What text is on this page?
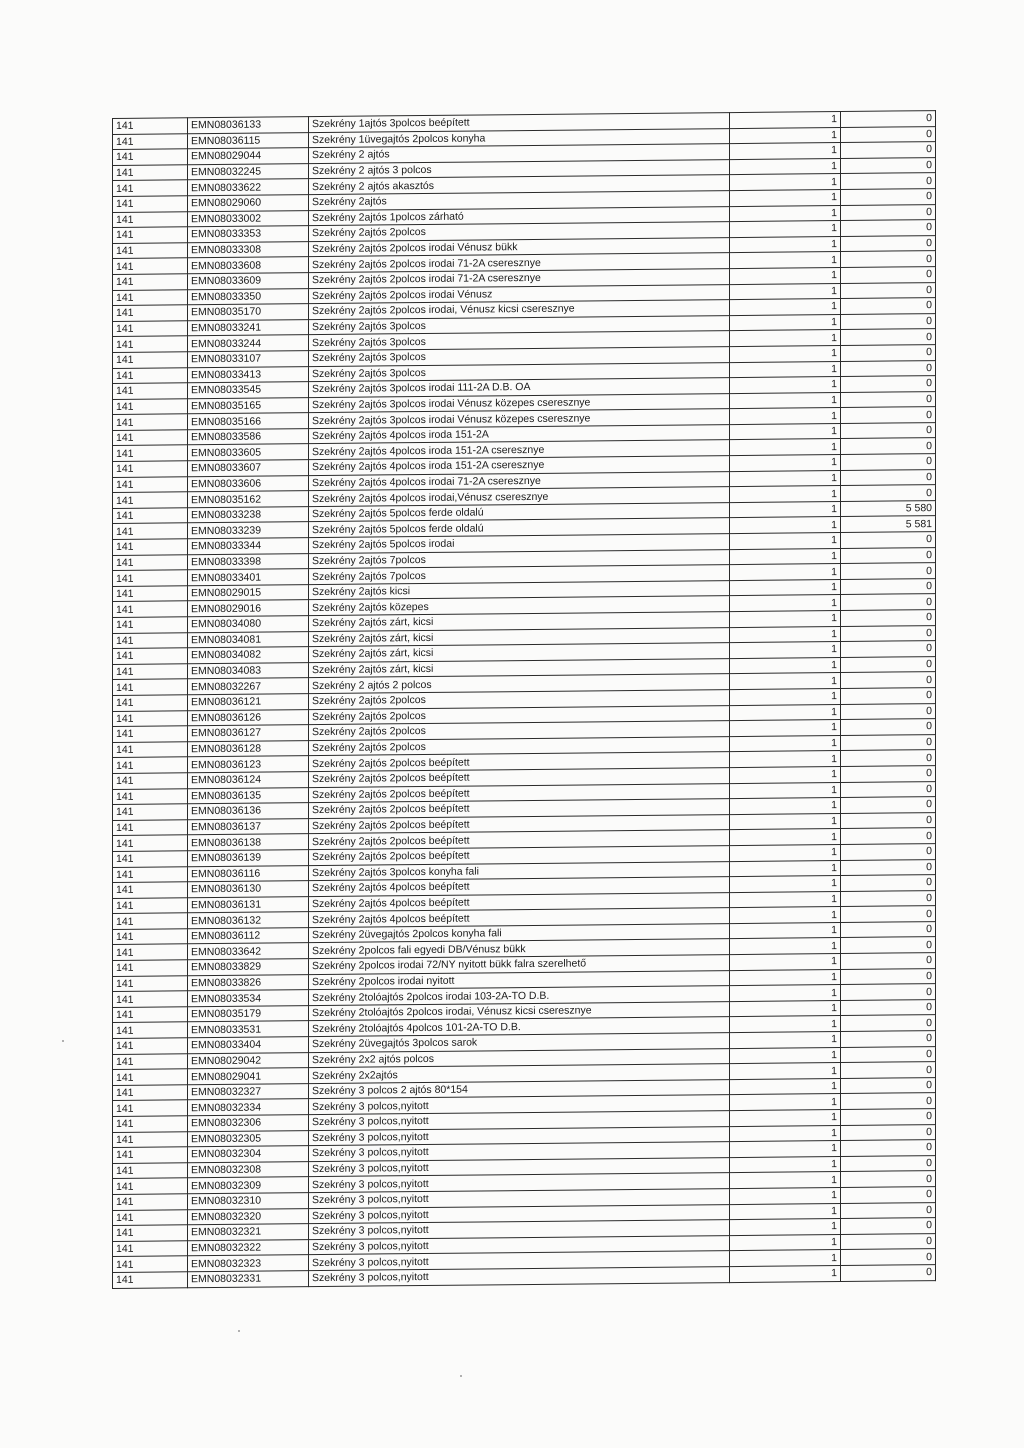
141	EMN08036133	Szekrény 1ajtós 3polcos beépített	1	0
141	EMN08036115	Szekrény 1üvegajtós 2polcos konyha	1	0
141	EMN08029044	Szekrény 2 ajtós	1	0
141	EMN08032245	Szekrény 2 ajtós 3 polcos	1	0
141	EMN08033622	Szekrény 2 ajtós akasztós	1	0
141	EMN08029060	Szekrény 2ajtós	1	0
141	EMN08033002	Szekrény 2ajtós 1polcos zárható	1	0
141	EMN08033353	Szekrény 2ajtós 2polcos	1	0
141	EMN08033308	Szekrény 2ajtós 2polcos irodai Vénusz bükk	1	0
141	EMN08033608	Szekrény 2ajtós 2polcos irodai 71-2A cseresznye	1	0
141	EMN08033609	Szekrény 2ajtós 2polcos irodai 71-2A cseresznye	1	0
141	EMN08033350	Szekrény 2ajtós 2polcos irodai Vénusz	1	0
141	EMN08035170	Szekrény 2ajtós 2polcos irodai, Vénusz kicsi cseresznye	1	0
141	EMN08033241	Szekrény 2ajtós 3polcos	1	0
141	EMN08033244	Szekrény 2ajtós 3polcos	1	0
141	EMN08033107	Szekrény 2ajtós 3polcos	1	0
141	EMN08033413	Szekrény 2ajtós 3polcos	1	0
141	EMN08033545	Szekrény 2ajtós 3polcos irodai 111-2A D.B. OA	1	0
141	EMN08035165	Szekrény 2ajtós 3polcos irodai Vénusz közepes cseresznye	1	0
141	EMN08035166	Szekrény 2ajtós 3polcos irodai Vénusz közepes cseresznye	1	0
141	EMN08033586	Szekrény 2ajtós 4polcos iroda 151-2A	1	0
141	EMN08033605	Szekrény 2ajtós 4polcos iroda 151-2A cseresznye	1	0
141	EMN08033607	Szekrény 2ajtós 4polcos iroda 151-2A cseresznye	1	0
141	EMN08033606	Szekrény 2ajtós 4polcos irodai 71-2A cseresznye	1	0
141	EMN08035162	Szekrény 2ajtós 4polcos irodai,Vénusz cseresznye	1	0
141	EMN08033238	Szekrény 2ajtós 5polcos ferde oldalú	1	5 580
141	EMN08033239	Szekrény 2ajtós 5polcos ferde oldalú	1	5 581
141	EMN08033344	Szekrény 2ajtós 5polcos irodai	1	0
141	EMN08033398	Szekrény 2ajtós 7polcos	1	0
141	EMN08033401	Szekrény 2ajtós 7polcos	1	0
141	EMN08029015	Szekrény 2ajtós kicsi	1	0
141	EMN08029016	Szekrény 2ajtós közepes	1	0
141	EMN08034080	Szekrény 2ajtós zárt, kicsi	1	0
141	EMN08034081	Szekrény 2ajtós zárt, kicsi	1	0
141	EMN08034082	Szekrény 2ajtós zárt, kicsi	1	0
141	EMN08034083	Szekrény 2ajtós zárt, kicsi	1	0
141	EMN08032267	Szekrény 2 ajtós 2 polcos	1	0
141	EMN08036121	Szekrény 2ajtós 2polcos	1	0
141	EMN08036126	Szekrény 2ajtós 2polcos	1	0
141	EMN08036127	Szekrény 2ajtós 2polcos	1	0
141	EMN08036128	Szekrény 2ajtós 2polcos	1	0
141	EMN08036123	Szekrény 2ajtós 2polcos beépített	1	0
141	EMN08036124	Szekrény 2ajtós 2polcos beépített	1	0
141	EMN08036135	Szekrény 2ajtós 2polcos beépített	1	0
141	EMN08036136	Szekrény 2ajtós 2polcos beépített	1	0
141	EMN08036137	Szekrény 2ajtós 2polcos beépített	1	0
141	EMN08036138	Szekrény 2ajtós 2polcos beépített	1	0
141	EMN08036139	Szekrény 2ajtós 2polcos beépített	1	0
141	EMN08036116	Szekrény 2ajtós 3polcos konyha fali	1	0
141	EMN08036130	Szekrény 2ajtós 4polcos beépített	1	0
141	EMN08036131	Szekrény 2ajtós 4polcos beépített	1	0
141	EMN08036132	Szekrény 2ajtós 4polcos beépített	1	0
141	EMN08036112	Szekrény 2üvegajtós 2polcos konyha fali	1	0
141	EMN08033642	Szekrény 2polcos fali egyedi DB/Vénusz bükk	1	0
141	EMN08033829	Szekrény 2polcos irodai 72/NY nyitott bükk falra szerelhető	1	0
141	EMN08033826	Szekrény 2polcos irodai nyitott	1	0
141	EMN08033534	Szekrény 2tolóajtós 2polcos irodai 103-2A-TO D.B.	1	0
141	EMN08035179	Szekrény 2tolóajtós 2polcos irodai, Vénusz kicsi cseresznye	1	0
141	EMN08033531	Szekrény 2tolóajtós 4polcos 101-2A-TO D.B.	1	0
141	EMN08033404	Szekrény 2üvegajtós 3polcos sarok	1	0
141	EMN08029042	Szekrény 2x2 ajtós polcos	1	0
141	EMN08029041	Szekrény 2x2ajtós	1	0
141	EMN08032327	Szekrény 3 polcos 2 ajtós 80*154	1	0
141	EMN08032334	Szekrény 3 polcos,nyitott	1	0
141	EMN08032306	Szekrény 3 polcos,nyitott	1	0
141	EMN08032305	Szekrény 3 polcos,nyitott	1	0
141	EMN08032304	Szekrény 3 polcos,nyitott	1	0
141	EMN08032308	Szekrény 3 polcos,nyitott	1	0
141	EMN08032309	Szekrény 3 polcos,nyitott	1	0
141	EMN08032310	Szekrény 3 polcos,nyitott	1	0
141	EMN08032320	Szekrény 3 polcos,nyitott	1	0
141	EMN08032321	Szekrény 3 polcos,nyitott	1	0
141	EMN08032322	Szekrény 3 polcos,nyitott	1	0
141	EMN08032323	Szekrény 3 polcos,nyitott	1	0
141	EMN08032331	Szekrény 3 polcos,nyitott	1	0
